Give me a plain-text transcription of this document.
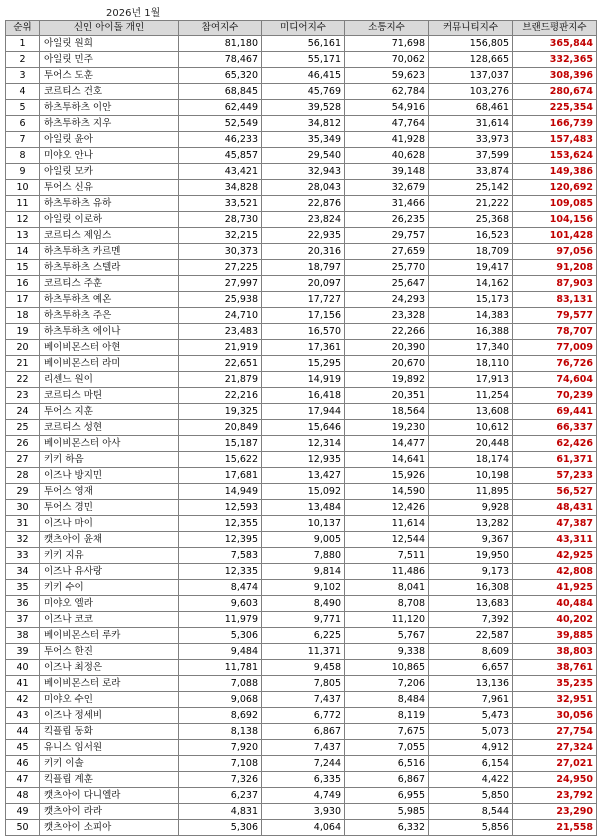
2026년 1월
순위	신인 아이돌 개인	참여지수	미디어지수	소통지수	커뮤니티지수	브랜드평판지수
1	아일릿 원희	81,180	56,161	71,698	156,805	365,844
2	아일릿 민주	78,467	55,171	70,062	128,665	332,365
3	투어스 도훈	65,320	46,415	59,623	137,037	308,396
4	코르티스 건호	68,845	45,769	62,784	103,276	280,674
5	하츠투하츠 이안	62,449	39,528	54,916	68,461	225,354
6	하츠투하츠 지우	52,549	34,812	47,764	31,614	166,739
7	아일릿 윤아	46,233	35,349	41,928	33,973	157,483
8	미야오 안나	45,857	29,540	40,628	37,599	153,624
9	아일릿 모카	43,421	32,943	39,148	33,874	149,386
10	투어스 신유	34,828	28,043	32,679	25,142	120,692
11	하츠투하츠 유하	33,521	22,876	31,466	21,222	109,085
12	아일릿 이로하	28,730	23,824	26,235	25,368	104,156
13	코르티스 제임스	32,215	22,935	29,757	16,523	101,428
14	하츠투하츠 카르멘	30,373	20,316	27,659	18,709	97,056
15	하츠투하츠 스텔라	27,225	18,797	25,770	19,417	91,208
16	코르티스 주훈	27,997	20,097	25,647	14,162	87,903
17	하츠투하츠 예온	25,938	17,727	24,293	15,173	83,131
18	하츠투하츠 주은	24,710	17,156	23,328	14,383	79,577
19	하츠투하츠 에이나	23,483	16,570	22,266	16,388	78,707
20	베이비몬스터 아현	21,919	17,361	20,390	17,340	77,009
21	베이비몬스터 라미	22,651	15,295	20,670	18,110	76,726
22	리센느 원이	21,879	14,919	19,892	17,913	74,604
23	코르티스 마틴	22,216	16,418	20,351	11,254	70,239
24	투어스 지훈	19,325	17,944	18,564	13,608	69,441
25	코르티스 성현	20,849	15,646	19,230	10,612	66,337
26	베이비몬스터 아사	15,187	12,314	14,477	20,448	62,426
27	키키 하음	15,622	12,935	14,641	18,174	61,371
28	이즈나 방지민	17,681	13,427	15,926	10,198	57,233
29	투어스 영재	14,949	15,092	14,590	11,895	56,527
30	투어스 경민	12,593	13,484	12,426	9,928	48,431
31	이즈나 마이	12,355	10,137	11,614	13,282	47,387
32	캣츠아이 윤채	12,395	9,005	12,544	9,367	43,311
33	키키 지유	7,583	7,880	7,511	19,950	42,925
34	이즈나 유사랑	12,335	9,814	11,486	9,173	42,808
35	키키 수이	8,474	9,102	8,041	16,308	41,925
36	미야오 엘라	9,603	8,490	8,708	13,683	40,484
37	이즈나 코코	11,979	9,771	11,120	7,392	40,202
38	베이비몬스터 루카	5,306	6,225	5,767	22,587	39,885
39	투어스 한진	9,484	11,371	9,338	8,609	38,803
40	이즈나 최정은	11,781	9,458	10,865	6,657	38,761
41	베이비몬스터 로라	7,088	7,805	7,206	13,136	35,235
42	미야오 수인	9,068	7,437	8,484	7,961	32,951
43	이즈나 정세비	8,692	6,772	8,119	5,473	30,056
44	킥플립 동화	8,138	6,867	7,675	5,073	27,754
45	유니스 임서원	7,920	7,437	7,055	4,912	27,324
46	키키 이솔	7,108	7,244	6,516	6,154	27,021
47	킥플립 계훈	7,326	6,335	6,867	4,422	24,950
48	캣츠아이 다니엘라	6,237	4,749	6,955	5,850	23,792
49	캣츠아이 라라	4,831	3,930	5,985	8,544	23,290
50	캣츠아이 소피아	5,306	4,064	6,332	5,856	21,558
